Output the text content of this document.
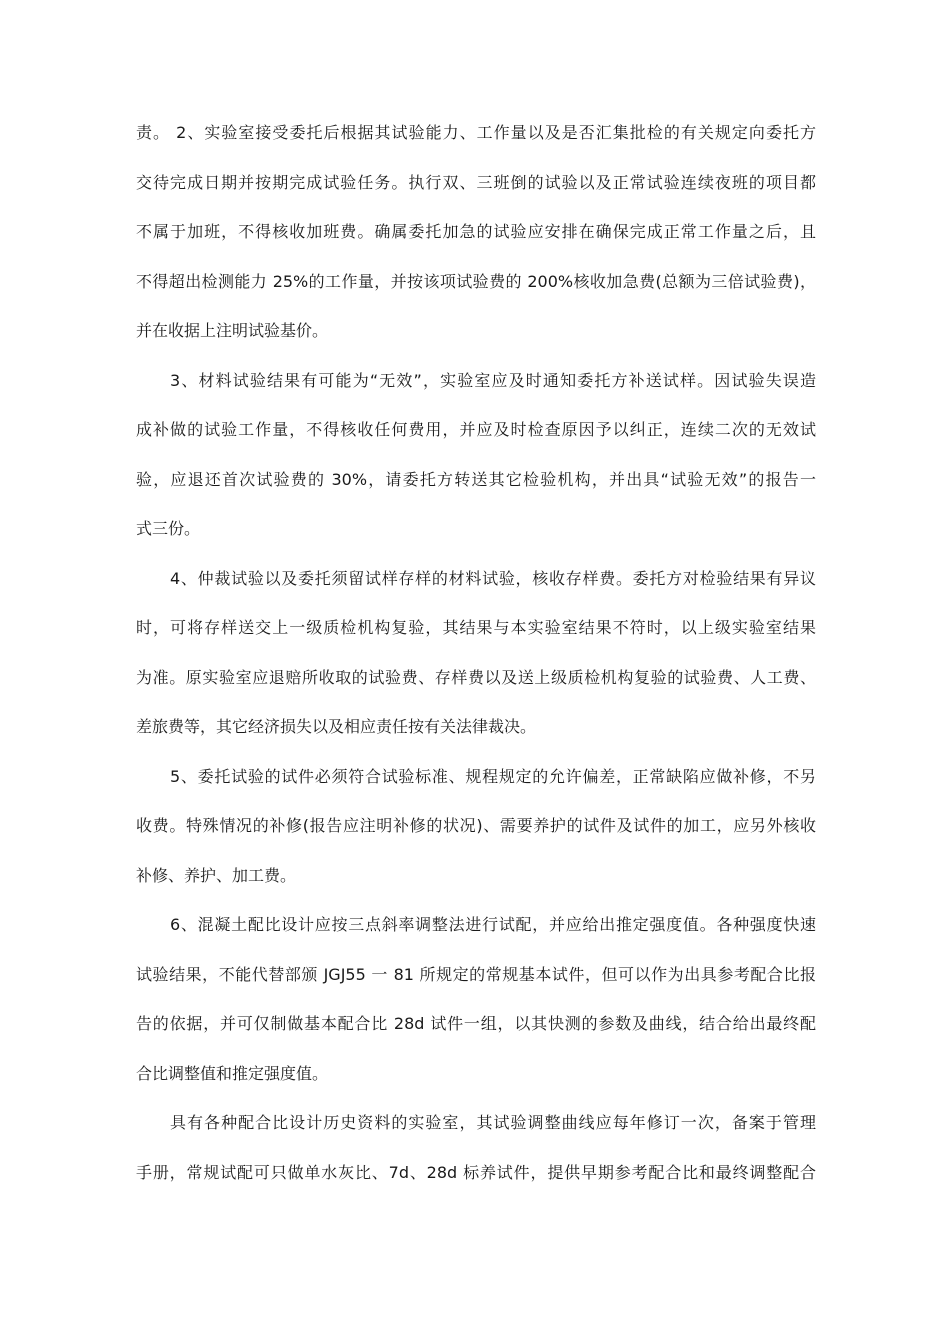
责。 2、实验室接受委托后根据其试验能力、工作量以及是否汇集批检的有关规定向委托方
交待完成日期并按期完成试验任务。执行双、三班倒的试验以及正常试验连续夜班的项目都
不属于加班，不得核收加班费。确属委托加急的试验应安排在确保完成正常工作量之后，且
不得超出检测能力 25%的工作量，并按该项试验费的 200%核收加急费(总额为三倍试验费)，
并在收据上注明试验基价。
3、材料试验结果有可能为“无效”，实验室应及时通知委托方补送试样。因试验失误造
成补做的试验工作量，不得核收任何费用，并应及时检查原因予以纠正，连续二次的无效试
验，应退还首次试验费的 30%，请委托方转送其它检验机构，并出具“试验无效”的报告一
式三份。
4、仲裁试验以及委托须留试样存样的材料试验，核收存样费。委托方对检验结果有异议
时，可将存样送交上一级质检机构复验，其结果与本实验室结果不符时，以上级实验室结果
为准。原实验室应退赔所收取的试验费、存样费以及送上级质检机构复验的试验费、人工费、
差旅费等，其它经济损失以及相应责任按有关法律裁决。
5、委托试验的试件必须符合试验标准、规程规定的允许偏差，正常缺陷应做补修，不另
收费。特殊情况的补修(报告应注明补修的状况)、需要养护的试件及试件的加工，应另外核收
补修、养护、加工费。
6、混凝土配比设计应按三点斜率调整法进行试配，并应给出推定强度值。各种强度快速
试验结果，不能代替部颁 JGJ55 一 81 所规定的常规基本试件，但可以作为出具参考配合比报
告的依据，并可仅制做基本配合比 28d 试件一组，以其快测的参数及曲线，结合给出最终配
合比调整值和推定强度值。
具有各种配合比设计历史资料的实验室，其试验调整曲线应每年修订一次，备案于管理
手册，常规试配可只做单水灰比、7d、28d 标养试件，提供早期参考配合比和最终调整配合
